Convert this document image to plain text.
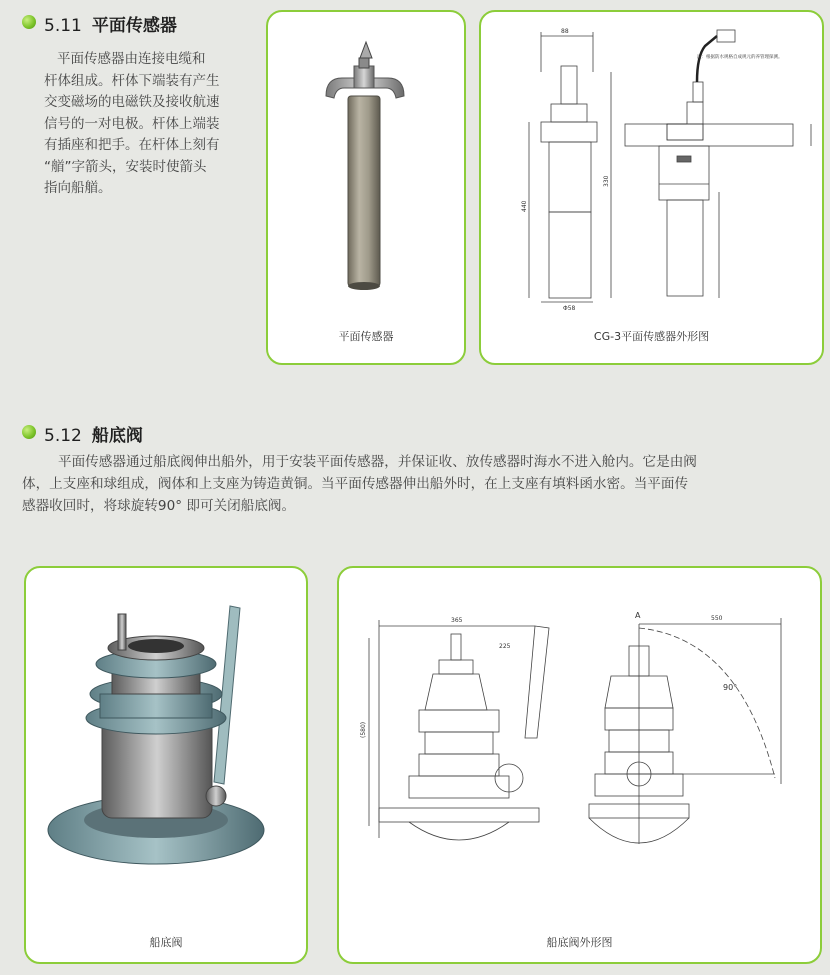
5.11 平面传感器
平面传感器由连接电缆和
杆体组成。杆体下端装有产生
交变磁场的电磁铁及接收航速
信号的一对电极。杆体上端装
有插座和把手。在杆体上刻有
“艏”字箭头，安装时使箭头
指向船艏。
平面传感器
88
440
330
Φ58
注：根据防水规格自成规元的养管理探测。
CG-3平面传感器外形图
5.12 船底阀
平面传感器通过船底阀伸出船外，用于安装平面传感器，并保证收、放传感器时海水不进入舱内。它是由阀
体，上支座和球组成，阀体和上支座为铸造黄铜。当平面传感器伸出船外时，在上支座有填料函水密。当平面传
感器收回时，将球旋转90° 即可关闭船底阀。
船底阀
365
225
(580)
90°
A	550
船底阀外形图
